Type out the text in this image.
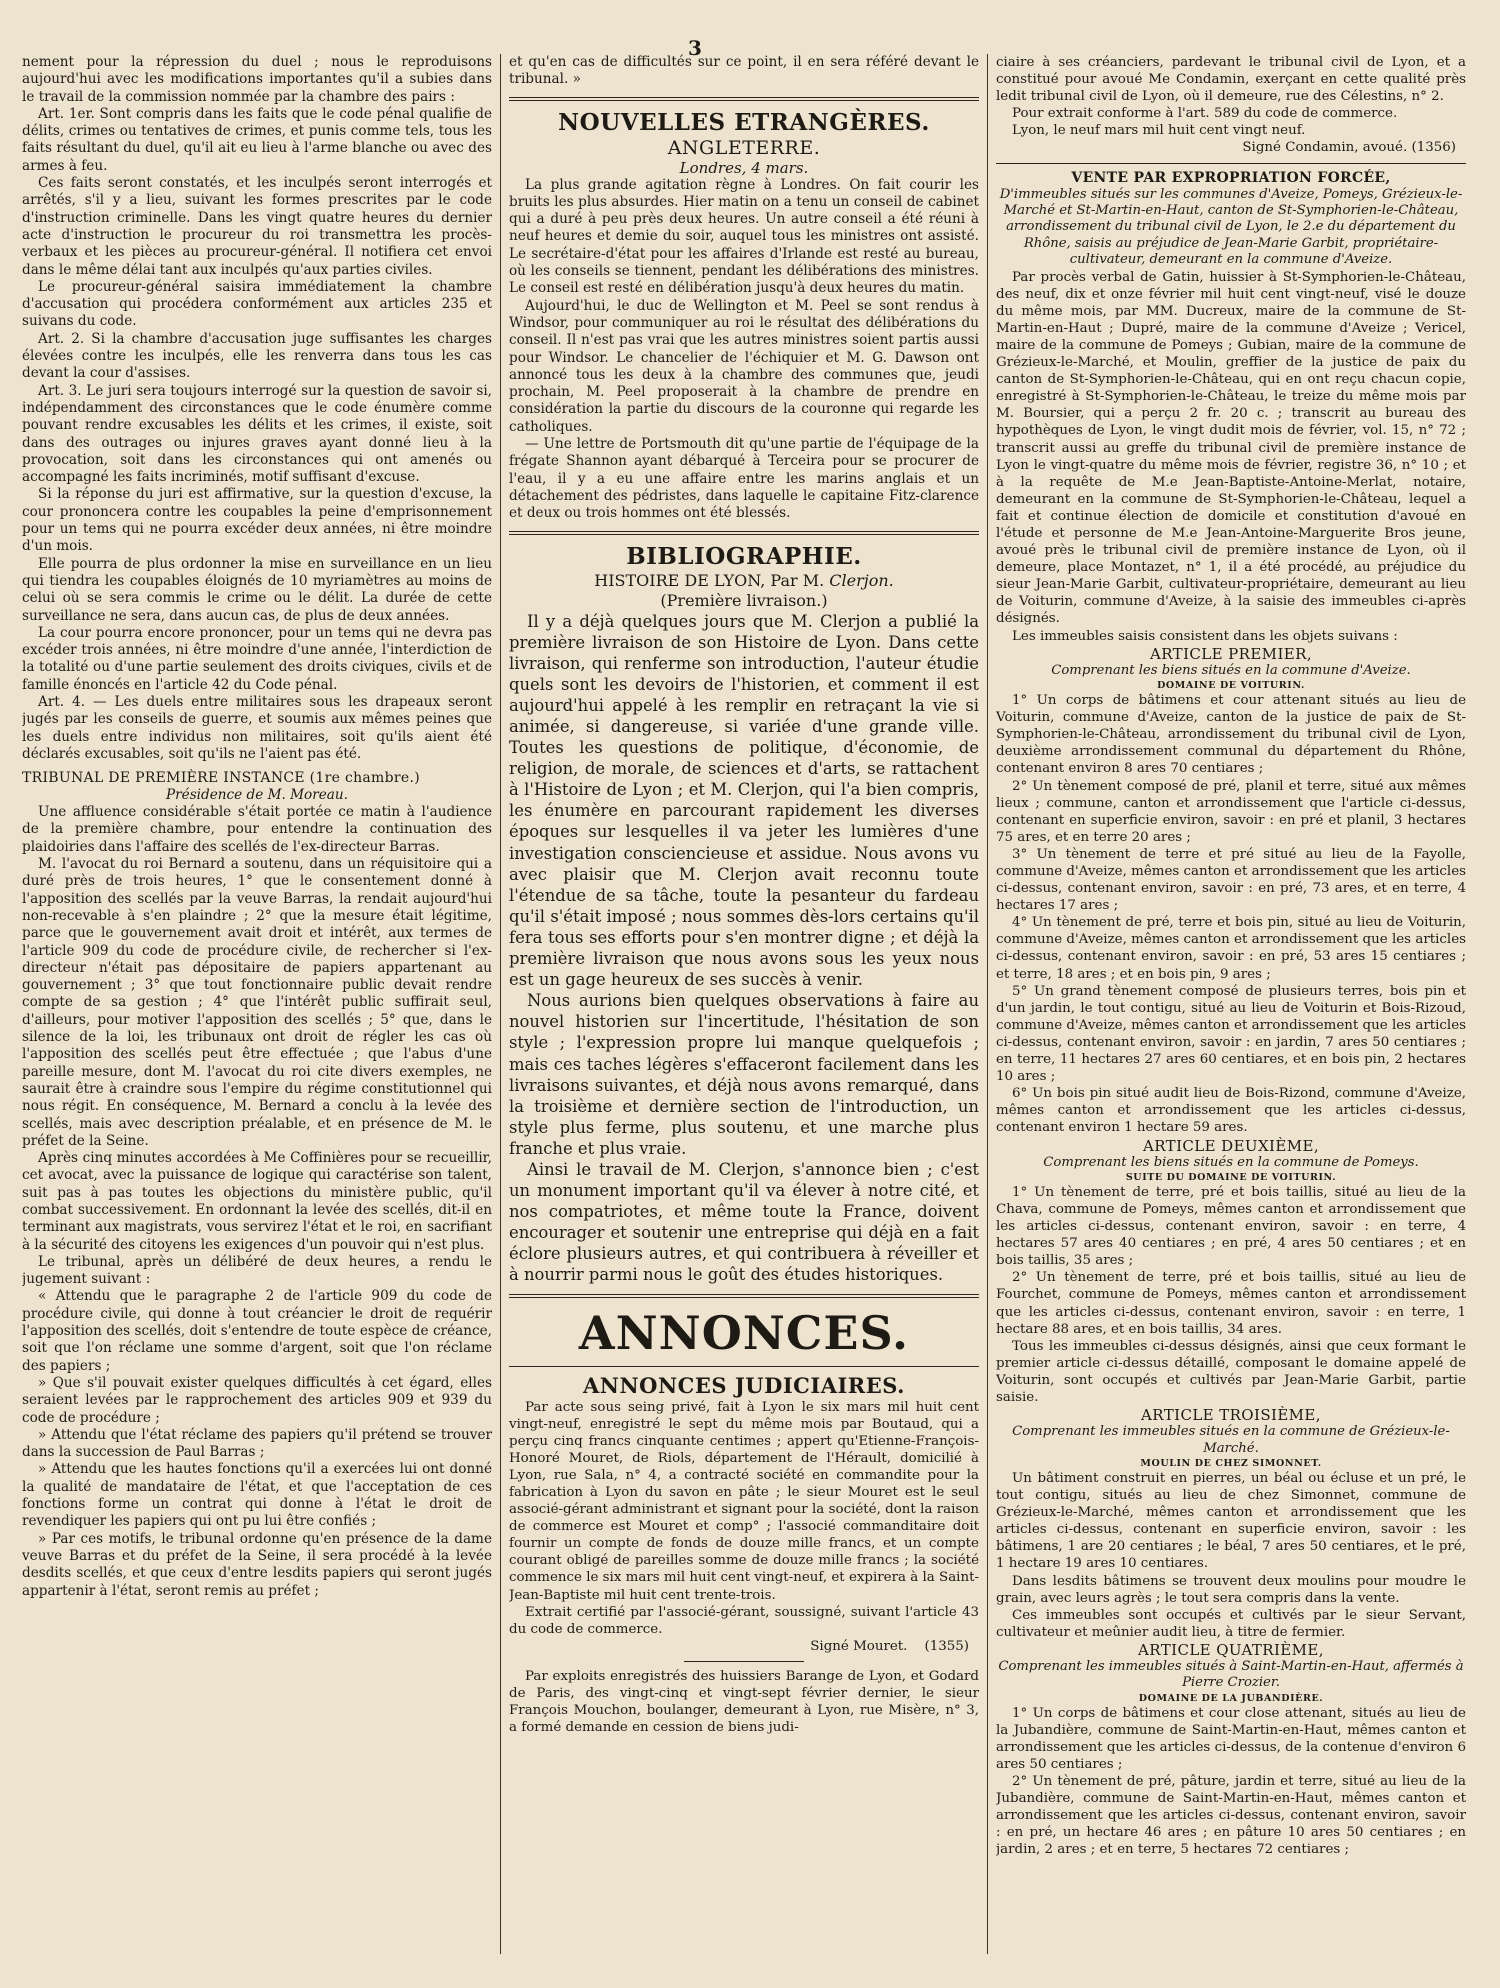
3

nement pour la répression du duel ; nous le reproduisons aujourd'hui avec les modifications importantes qu'il a subies dans le travail de la commission nommée par la chambre des pairs :

Art. 1er. Sont compris dans les faits que le code pénal qualifie de délits, crimes ou tentatives de crimes, et punis comme tels, tous les faits résultant du duel, qu'il ait eu lieu à l'arme blanche ou avec des armes à feu.

Ces faits seront constatés, et les inculpés seront interrogés et arrêtés, s'il y a lieu, suivant les formes prescrites par le code d'instruction criminelle. Dans les vingt quatre heures du dernier acte d'instruction le procureur du roi transmettra les procès-verbaux et les pièces au procureur-général. Il notifiera cet envoi dans le même délai tant aux inculpés qu'aux parties civiles.

Le procureur-général saisira immédiatement la chambre d'accusation qui procédera conformément aux articles 235 et suivans du code.

Art. 2. Si la chambre d'accusation juge suffisantes les charges élevées contre les inculpés, elle les renverra dans tous les cas devant la cour d'assises.

Art. 3. Le juri sera toujours interrogé sur la question de savoir si, indépendamment des circonstances que le code énumère comme pouvant rendre excusables les délits et les crimes, il existe, soit dans des outrages ou injures graves ayant donné lieu à la provocation, soit dans les circonstances qui ont amenés ou accompagné les faits incriminés, motif suffisant d'excuse.

Si la réponse du juri est affirmative, sur la question d'excuse, la cour prononcera contre les coupables la peine d'emprisonnement pour un tems qui ne pourra excéder deux années, ni être moindre d'un mois.

Elle pourra de plus ordonner la mise en surveillance en un lieu qui tiendra les coupables éloignés de 10 myriamètres au moins de celui où se sera commis le crime ou le délit. La durée de cette surveillance ne sera, dans aucun cas, de plus de deux années.

La cour pourra encore prononcer, pour un tems qui ne devra pas excéder trois années, ni être moindre d'une année, l'interdiction de la totalité ou d'une partie seulement des droits civiques, civils et de famille énoncés en l'article 42 du Code pénal.

Art. 4. — Les duels entre militaires sous les drapeaux seront jugés par les conseils de guerre, et soumis aux mêmes peines que les duels entre individus non militaires, soit qu'ils aient été déclarés excusables, soit qu'ils ne l'aient pas été.

TRIBUNAL DE PREMIÈRE INSTANCE (1re chambre.)
Présidence de M. Moreau.

Une affluence considérable s'était portée ce matin à l'audience de la première chambre, pour entendre la continuation des plaidoiries dans l'affaire des scellés de l'ex-directeur Barras.

M. l'avocat du roi Bernard a soutenu, dans un réquisitoire qui a duré près de trois heures, 1° que le consentement donné à l'apposition des scellés par la veuve Barras, la rendait aujourd'hui non-recevable à s'en plaindre ; 2° que la mesure était légitime, parce que le gouvernement avait droit et intérêt, aux termes de l'article 909 du code de procédure civile, de rechercher si l'ex-directeur n'était pas dépositaire de papiers appartenant au gouvernement ; 3° que tout fonctionnaire public devait rendre compte de sa gestion ; 4° que l'intérêt public suffirait seul, d'ailleurs, pour motiver l'apposition des scellés ; 5° que, dans le silence de la loi, les tribunaux ont droit de régler les cas où l'apposition des scellés peut être effectuée ; que l'abus d'une pareille mesure, dont M. l'avocat du roi cite divers exemples, ne saurait être à craindre sous l'empire du régime constitutionnel qui nous régit. En conséquence, M. Bernard a conclu à la levée des scellés, mais avec description préalable, et en présence de M. le préfet de la Seine.

Après cinq minutes accordées à Me Coffinières pour se recueillir, cet avocat, avec la puissance de logique qui caractérise son talent, suit pas à pas toutes les objections du ministère public, qu'il combat successivement. En ordonnant la levée des scellés, dit-il en terminant aux magistrats, vous servirez l'état et le roi, en sacrifiant à la sécurité des citoyens les exigences d'un pouvoir qui n'est plus.

Le tribunal, après un délibéré de deux heures, a rendu le jugement suivant :

« Attendu que le paragraphe 2 de l'article 909 du code de procédure civile, qui donne à tout créancier le droit de requérir l'apposition des scellés, doit s'entendre de toute espèce de créance, soit que l'on réclame une somme d'argent, soit que l'on réclame des papiers ;

» Que s'il pouvait exister quelques difficultés à cet égard, elles seraient levées par le rapprochement des articles 909 et 939 du code de procédure ;

» Attendu que l'état réclame des papiers qu'il prétend se trouver dans la succession de Paul Barras ;

» Attendu que les hautes fonctions qu'il a exercées lui ont donné la qualité de mandataire de l'état, et que l'acceptation de ces fonctions forme un contrat qui donne à l'état le droit de revendiquer les papiers qui ont pu lui être confiés ;

» Par ces motifs, le tribunal ordonne qu'en présence de la dame veuve Barras et du préfet de la Seine, il sera procédé à la levée desdits scellés, et que ceux d'entre lesdits papiers qui seront jugés appartenir à l'état, seront remis au préfet ;

et qu'en cas de difficultés sur ce point, il en sera référé devant le tribunal. »

NOUVELLES ETRANGÈRES.
ANGLETERRE.
Londres, 4 mars.

La plus grande agitation règne à Londres. On fait courir les bruits les plus absurdes. Hier matin on a tenu un conseil de cabinet qui a duré à peu près deux heures. Un autre conseil a été réuni à neuf heures et demie du soir, auquel tous les ministres ont assisté. Le secrétaire-d'état pour les affaires d'Irlande est resté au bureau, où les conseils se tiennent, pendant les délibérations des ministres. Le conseil est resté en délibération jusqu'à deux heures du matin.

Aujourd'hui, le duc de Wellington et M. Peel se sont rendus à Windsor, pour communiquer au roi le résultat des délibérations du conseil. Il n'est pas vrai que les autres ministres soient partis aussi pour Windsor. Le chancelier de l'échiquier et M. G. Dawson ont annoncé tous les deux à la chambre des communes que, jeudi prochain, M. Peel proposerait à la chambre de prendre en considération la partie du discours de la couronne qui regarde les catholiques.

— Une lettre de Portsmouth dit qu'une partie de l'équipage de la frégate Shannon ayant débarqué à Terceira pour se procurer de l'eau, il y a eu une affaire entre les marins anglais et un détachement des pédristes, dans laquelle le capitaine Fitz-clarence et deux ou trois hommes ont été blessés.

BIBLIOGRAPHIE.
HISTOIRE DE LYON, Par M. Clerjon.
(Première livraison.)

Il y a déjà quelques jours que M. Clerjon a publié la première livraison de son Histoire de Lyon. Dans cette livraison, qui renferme son introduction, l'auteur étudie quels sont les devoirs de l'historien, et comment il est aujourd'hui appelé à les remplir en retraçant la vie si animée, si dangereuse, si variée d'une grande ville. Toutes les questions de politique, d'économie, de religion, de morale, de sciences et d'arts, se rattachent à l'Histoire de Lyon ; et M. Clerjon, qui l'a bien compris, les énumère en parcourant rapidement les diverses époques sur lesquelles il va jeter les lumières d'une investigation consciencieuse et assidue. Nous avons vu avec plaisir que M. Clerjon avait reconnu toute l'étendue de sa tâche, toute la pesanteur du fardeau qu'il s'était imposé ; nous sommes dès-lors certains qu'il fera tous ses efforts pour s'en montrer digne ; et déjà la première livraison que nous avons sous les yeux nous est un gage heureux de ses succès à venir.

Nous aurions bien quelques observations à faire au nouvel historien sur l'incertitude, l'hésitation de son style ; l'expression propre lui manque quelquefois ; mais ces taches légères s'effaceront facilement dans les livraisons suivantes, et déjà nous avons remarqué, dans la troisième et dernière section de l'introduction, un style plus ferme, plus soutenu, et une marche plus franche et plus vraie.

Ainsi le travail de M. Clerjon, s'annonce bien ; c'est un monument important qu'il va élever à notre cité, et nos compatriotes, et même toute la France, doivent encourager et soutenir une entreprise qui déjà en a fait éclore plusieurs autres, et qui contribuera à réveiller et à nourrir parmi nous le goût des études historiques.

ANNONCES.
ANNONCES JUDICIAIRES.

Par acte sous seing privé, fait à Lyon le six mars mil huit cent vingt-neuf, enregistré le sept du même mois par Boutaud, qui a perçu cinq francs cinquante centimes ; appert qu'Etienne-François-Honoré Mouret, de Riols, département de l'Hérault, domicilié à Lyon, rue Sala, n° 4, a contracté société en commandite pour la fabrication à Lyon du savon en pâte ; le sieur Mouret est le seul associé-gérant administrant et signant pour la société, dont la raison de commerce est Mouret et comp° ; l'associé commanditaire doit fournir un compte de fonds de douze mille francs, et un compte courant obligé de pareilles somme de douze mille francs ; la société commence le six mars mil huit cent vingt-neuf, et expirera à la Saint-Jean-Baptiste mil huit cent trente-trois.

Extrait certifié par l'associé-gérant, soussigné, suivant l'article 43 du code de commerce.

Signé Mouret. (1355)

Par exploits enregistrés des huissiers Barange de Lyon, et Godard de Paris, des vingt-cinq et vingt-sept février dernier, le sieur François Mouchon, boulanger, demeurant à Lyon, rue Misère, n° 3, a formé demande en cession de biens judi-

ciaire à ses créanciers, pardevant le tribunal civil de Lyon, et a constitué pour avoué Me Condamin, exerçant en cette qualité près ledit tribunal civil de Lyon, où il demeure, rue des Célestins, n° 2.

Pour extrait conforme à l'art. 589 du code de commerce.

Lyon, le neuf mars mil huit cent vingt neuf.

Signé Condamin, avoué. (1356)
VENTE PAR EXPROPRIATION FORCÉE,
D'immeubles situés sur les communes d'Aveize, Pomeys, Grézieux-le-Marché et St-Martin-en-Haut, canton de St-Symphorien-le-Château, arrondissement du tribunal civil de Lyon, le 2.e du département du Rhône, saisis au préjudice de Jean-Marie Garbit, propriétaire-cultivateur, demeurant en la commune d'Aveize.

Par procès verbal de Gatin, huissier à St-Symphorien-le-Château, des neuf, dix et onze février mil huit cent vingt-neuf, visé le douze du même mois, par MM. Ducreux, maire de la commune de St-Martin-en-Haut ; Dupré, maire de la commune d'Aveize ; Vericel, maire de la commune de Pomeys ; Gubian, maire de la commune de Grézieux-le-Marché, et Moulin, greffier de la justice de paix du canton de St-Symphorien-le-Château, qui en ont reçu chacun copie, enregistré à St-Symphorien-le-Château, le treize du même mois par M. Boursier, qui a perçu 2 fr. 20 c. ; transcrit au bureau des hypothèques de Lyon, le vingt dudit mois de février, vol. 15, n° 72 ; transcrit aussi au greffe du tribunal civil de première instance de Lyon le vingt-quatre du même mois de février, registre 36, n° 10 ; et à la requête de M.e Jean-Baptiste-Antoine-Merlat, notaire, demeurant en la commune de St-Symphorien-le-Château, lequel a fait et continue élection de domicile et constitution d'avoué en l'étude et personne de M.e Jean-Antoine-Marguerite Bros jeune, avoué près le tribunal civil de première instance de Lyon, où il demeure, place Montazet, n° 1, il a été procédé, au préjudice du sieur Jean-Marie Garbit, cultivateur-propriétaire, demeurant au lieu de Voiturin, commune d'Aveize, à la saisie des immeubles ci-après désignés.

Les immeubles saisis consistent dans les objets suivans :

ARTICLE PREMIER,
Comprenant les biens situés en la commune d'Aveize.
DOMAINE DE VOITURIN.

1° Un corps de bâtimens et cour attenant situés au lieu de Voiturin, commune d'Aveize, canton de la justice de paix de St-Symphorien-le-Château, arrondissement du tribunal civil de Lyon, deuxième arrondissement communal du département du Rhône, contenant environ 8 ares 70 centiares ;

2° Un tènement composé de pré, planil et terre, situé aux mêmes lieux ; commune, canton et arrondissement que l'article ci-dessus, contenant en superficie environ, savoir : en pré et planil, 3 hectares 75 ares, et en terre 20 ares ;

3° Un tènement de terre et pré situé au lieu de la Fayolle, commune d'Aveize, mêmes canton et arrondissement que les articles ci-dessus, contenant environ, savoir : en pré, 73 ares, et en terre, 4 hectares 17 ares ;

4° Un tènement de pré, terre et bois pin, situé au lieu de Voiturin, commune d'Aveize, mêmes canton et arrondissement que les articles ci-dessus, contenant environ, savoir : en pré, 53 ares 15 centiares ; et terre, 18 ares ; et en bois pin, 9 ares ;

5° Un grand tènement composé de plusieurs terres, bois pin et d'un jardin, le tout contigu, situé au lieu de Voiturin et Bois-Rizoud, commune d'Aveize, mêmes canton et arrondissement que les articles ci-dessus, contenant environ, savoir : en jardin, 7 ares 50 centiares ; en terre, 11 hectares 27 ares 60 centiares, et en bois pin, 2 hectares 10 ares ;

6° Un bois pin situé audit lieu de Bois-Rizond, commune d'Aveize, mêmes canton et arrondissement que les articles ci-dessus, contenant environ 1 hectare 59 ares.

ARTICLE DEUXIÈME,
Comprenant les biens situés en la commune de Pomeys.
SUITE DU DOMAINE DE VOITURIN.

1° Un tènement de terre, pré et bois taillis, situé au lieu de la Chava, commune de Pomeys, mêmes canton et arrondissement que les articles ci-dessus, contenant environ, savoir : en terre, 4 hectares 57 ares 40 centiares ; en pré, 4 ares 50 centiares ; et en bois taillis, 35 ares ;

2° Un tènement de terre, pré et bois taillis, situé au lieu de Fourchet, commune de Pomeys, mêmes canton et arrondissement que les articles ci-dessus, contenant environ, savoir : en terre, 1 hectare 88 ares, et en bois taillis, 34 ares.

Tous les immeubles ci-dessus désignés, ainsi que ceux formant le premier article ci-dessus détaillé, composant le domaine appelé de Voiturin, sont occupés et cultivés par Jean-Marie Garbit, partie saisie.

ARTICLE TROISIÈME,
Comprenant les immeubles situés en la commune de Grézieux-le-Marché.
MOULIN DE CHEZ SIMONNET.

Un bâtiment construit en pierres, un béal ou écluse et un pré, le tout contigu, situés au lieu de chez Simonnet, commune de Grézieux-le-Marché, mêmes canton et arrondissement que les articles ci-dessus, contenant en superficie environ, savoir : les bâtimens, 1 are 20 centiares ; le béal, 7 ares 50 centiares, et le pré, 1 hectare 19 ares 10 centiares.

Dans lesdits bâtimens se trouvent deux moulins pour moudre le grain, avec leurs agrès ; le tout sera compris dans la vente.

Ces immeubles sont occupés et cultivés par le sieur Servant, cultivateur et meûnier audit lieu, à titre de fermier.

ARTICLE QUATRIÈME,
Comprenant les immeubles situés à Saint-Martin-en-Haut, affermés à Pierre Crozier.
DOMAINE DE LA JUBANDIÈRE.

1° Un corps de bâtimens et cour close attenant, situés au lieu de la Jubandière, commune de Saint-Martin-en-Haut, mêmes canton et arrondissement que les articles ci-dessus, de la contenue d'environ 6 ares 50 centiares ;

2° Un tènement de pré, pâture, jardin et terre, situé au lieu de la Jubandière, commune de Saint-Martin-en-Haut, mêmes canton et arrondissement que les articles ci-dessus, contenant environ, savoir : en pré, un hectare 46 ares ; en pâture 10 ares 50 centiares ; en jardin, 2 ares ; et en terre, 5 hectares 72 centiares ;
